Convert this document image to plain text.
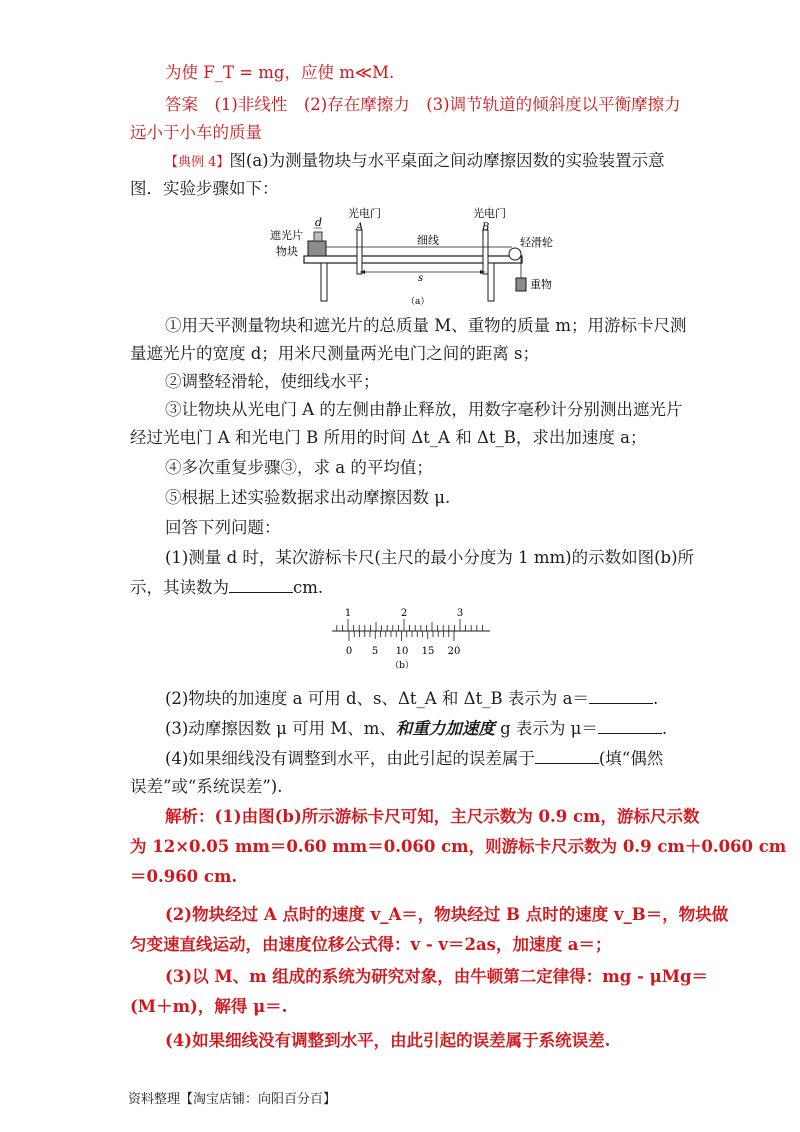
为使 F_T = mg，应使 m≪M.
答案　(1)非线性　(2)存在摩擦力　(3)调节轨道的倾斜度以平衡摩擦力
远小于小车的质量
【典例 4】图(a)为测量物块与水平桌面之间动摩擦因数的实验装置示意
图．实验步骤如下：
遮光片
物块
d
光电门
A
光电门
B
细线	轻滑轮
s	重物
（a）
①用天平测量物块和遮光片的总质量 M、重物的质量 m；用游标卡尺测
量遮光片的宽度 d；用米尺测量两光电门之间的距离 s；
②调整轻滑轮，使细线水平；
③让物块从光电门 A 的左侧由静止释放，用数字毫秒计分别测出遮光片
经过光电门 A 和光电门 B 所用的时间 Δt_A 和 Δt_B，求出加速度 a；
④多次重复步骤③，求 a 的平均值；
⑤根据上述实验数据求出动摩擦因数 μ.
回答下列问题：
(1)测量 d 时，某次游标卡尺(主尺的最小分度为 1 mm)的示数如图(b)所
示，其读数为	cm.
1	2	3
0 5 10 15 20
（b）
(2)物块的加速度 a 可用 d、s、Δt_A 和 Δt_B 表示为 a＝	.
(3)动摩擦因数 μ 可用 M、m、和重力加速度 g 表示为 μ＝	.
(4)如果细线没有调整到水平，由此引起的误差属于	(填“偶然
误差”或“系统误差”).
解析：(1)由图(b)所示游标卡尺可知，主尺示数为 0.9 cm，游标尺示数
为 12×0.05 mm＝0.60 mm＝0.060 cm，则游标卡尺示数为 0.9 cm＋0.060 cm
＝0.960 cm.
(2)物块经过 A 点时的速度 v_A＝，物块经过 B 点时的速度 v_B＝，物块做
匀变速直线运动，由速度位移公式得：v - v＝2as，加速度 a＝；
(3)以 M、m 组成的系统为研究对象，由牛顿第二定律得：mg - μMg＝
(M＋m)，解得 μ＝.
(4)如果细线没有调整到水平，由此引起的误差属于系统误差.
资料整理【淘宝店铺：向阳百分百】
